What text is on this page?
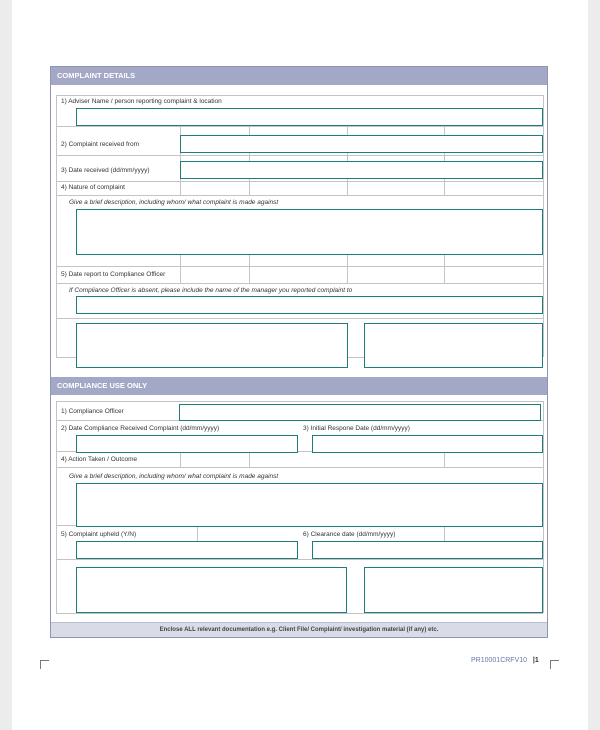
COMPLAINT DETAILS
1) Adviser Name / person reporting complaint & location
2) Complaint received from
3) Date received (dd/mm/yyyy)
4) Nature of complaint
Give a brief description, including whom/ what complaint is made against
5) Date report to Compliance Officer
If Compliance Officer is absent, please include the name of the manager you reported complaint to
COMPLIANCE USE ONLY
1) Compliance Officer
2) Date Compliance Received Complaint (dd/mm/yyyy)	3) Initial Respone Date (dd/mm/yyyy)
4) Action Taken / Outcome
Give a brief description, including whom/ what complaint is made against
5) Complaint upheld (Y/N)	6) Clearance date (dd/mm/yyyy)
Enclose ALL relevant documentation e.g. Client File/ Complaint/ investigation material (if any) etc.
PR10001CRFV10 |1
